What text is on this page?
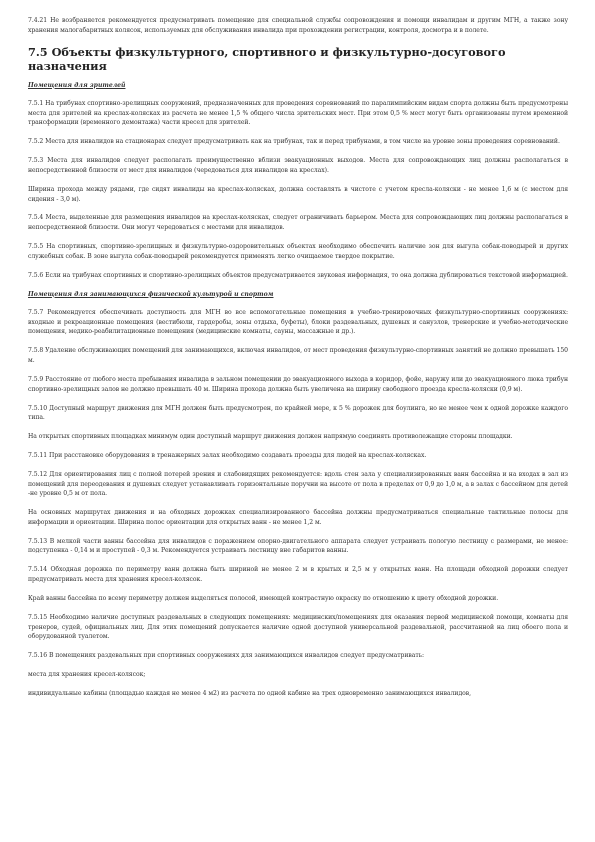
7.4.21 Не возбраняется рекомендуется предусматривать помещение для специальной службы сопровождения и помощи инвалидам и другим МГН, а также зону хранения малогабаритных колясок, используемых для обслуживания инвалида при прохождении регистрации, контроля, досмотра и в полете.

7.5 Объекты физкультурного, спортивного и физкультурно-досугового назначения
Помещения для зрителей

7.5.1 На трибунах спортивно-зрелищных сооружений, предназначенных для проведения соревнований по паралимпийским видам спорта должны быть предусмотрены места для зрителей на креслах-колясках из расчета не менее 1,5 % общего числа зрительских мест. При этом 0,5 % мест могут быть организованы путем временной трансформации (временного демонтажа) части кресел для зрителей.

7.5.2 Места для инвалидов на стационарах следует предусматривать как на трибунах, так и перед трибунами, в том числе на уровне зоны проведения соревнований.

7.5.3 Места для инвалидов следует располагать преимущественно вблизи эвакуационных выходов. Места для сопровождающих лиц должны располагаться в непосредственной близости от мест для инвалидов (чередоваться для инвалидов на креслах).

Ширина прохода между рядами, где сидят инвалиды на креслах-колясках, должна составлять в чистоте с учетом кресла-коляски - не менее 1,6 м (с местом для сидения - 3,0 м).

7.5.4 Места, выделенные для размещения инвалидов на креслах-колясках, следует ограничивать барьером. Места для сопровождающих лиц должны располагаться в непосредственной близости. Они могут чередоваться с местами для инвалидов.

7.5.5 На спортивных, спортивно-зрелищных и физкультурно-оздоровительных объектах необходимо обеспечить наличие зон для выгула собак-поводырей и других служебных собак. В зоне выгула собак-поводырей рекомендуется применять легко очищаемое твердое покрытие.

7.5.6 Если на трибунах спортивных и спортивно-зрелищных объектов предусматривается звуковая информация, то она должна дублироваться текстовой информацией.

Помещения для занимающихся физической культурой и спортом

7.5.7 Рекомендуется обеспечивать доступность для МГН во все вспомогательные помещения в учебно-тренировочных физкультурно-спортивных сооружениях: входные и рекреационные помещения (вестибюли, гардеробы, зоны отдыха, буфеты), блоки раздевальных, душевых и санузлов, тренерские и учебно-методические помещения, медико-реабилитационные помещения (медицинские комнаты, сауны, массажные и др.).

7.5.8 Удаление обслуживающих помещений для занимающихся, включая инвалидов, от мест проведения физкультурно-спортивных занятий не должно превышать 150 м.

7.5.9 Расстояние от любого места пребывания инвалида в зальном помещении до эвакуационного выхода в коридор, фойе, наружу или до эвакуационного люка трибун спортивно-зрелищных залов не должно превышать 40 м. Ширина прохода должна быть увеличена на ширину свободного проезда кресла-коляски (0,9 м).

7.5.10 Доступный маршрут движения для МГН должен быть предусмотрен, по крайней мере, к 5 % дорожек для боулинга, но не менее чем к одной дорожке каждого типа.

На открытых спортивных площадках минимум один доступный маршрут движения должен напрямую соединять противолежащие стороны площадки.

7.5.11 При расстановке оборудования в тренажерных залах необходимо создавать проезды для людей на креслах-колясках.

7.5.12 Для ориентирования лиц с полной потерей зрения и слабовидящих рекомендуется: вдоль стен зала у специализированных ванн бассейна и на входах в зал из помещений для переодевания и душевых следует устанавливать горизонтальные поручни на высоте от пола в пределах от 0,9 до 1,0 м, а в залах с бассейном для детей -не уровне 0,5 м от пола.

На основных маршрутах движения и на обходных дорожках специализированного бассейна должны предусматриваться специальные тактильные полосы для информации и ориентации. Ширина полос ориентации для открытых ванн - не менее 1,2 м.

7.5.13 В мелкой части ванны бассейна для инвалидов с поражением опорно-двигательного аппарата следует устраивать пологую лестницу с размерами, не менее: подступенка - 0,14 м и проступей - 0,3 м. Рекомендуется устраивать лестницу вне габаритов ванны.

7.5.14 Обходная дорожка по периметру ванн должна быть шириной не менее 2 м в крытых и 2,5 м у открытых ванн. На площади обходной дорожки следует предусматривать места для хранения кресел-колясок.

Край ванны бассейна по всему периметру должен выделяться полосой, имеющей контрастную окраску по отношению к цвету обходной дорожки.

7.5.15 Необходимо наличие доступных раздевальных в следующих помещениях: медицинских/помещениях для оказания первой медицинской помощи, комнаты для тренеров, судей, официальных лиц. Для этих помещений допускается наличие одной доступной универсальной раздевальной, рассчитанной на лиц обоего пола и оборудованной туалетом.

7.5.16 В помещениях раздевальных при спортивных сооружениях для занимающихся инвалидов следует предусматривать:

места для хранения кресел-колясок;

индивидуальные кабины (площадью каждая не менее 4 м2) из расчета по одной кабине на трех одновременно занимающихся инвалидов,
